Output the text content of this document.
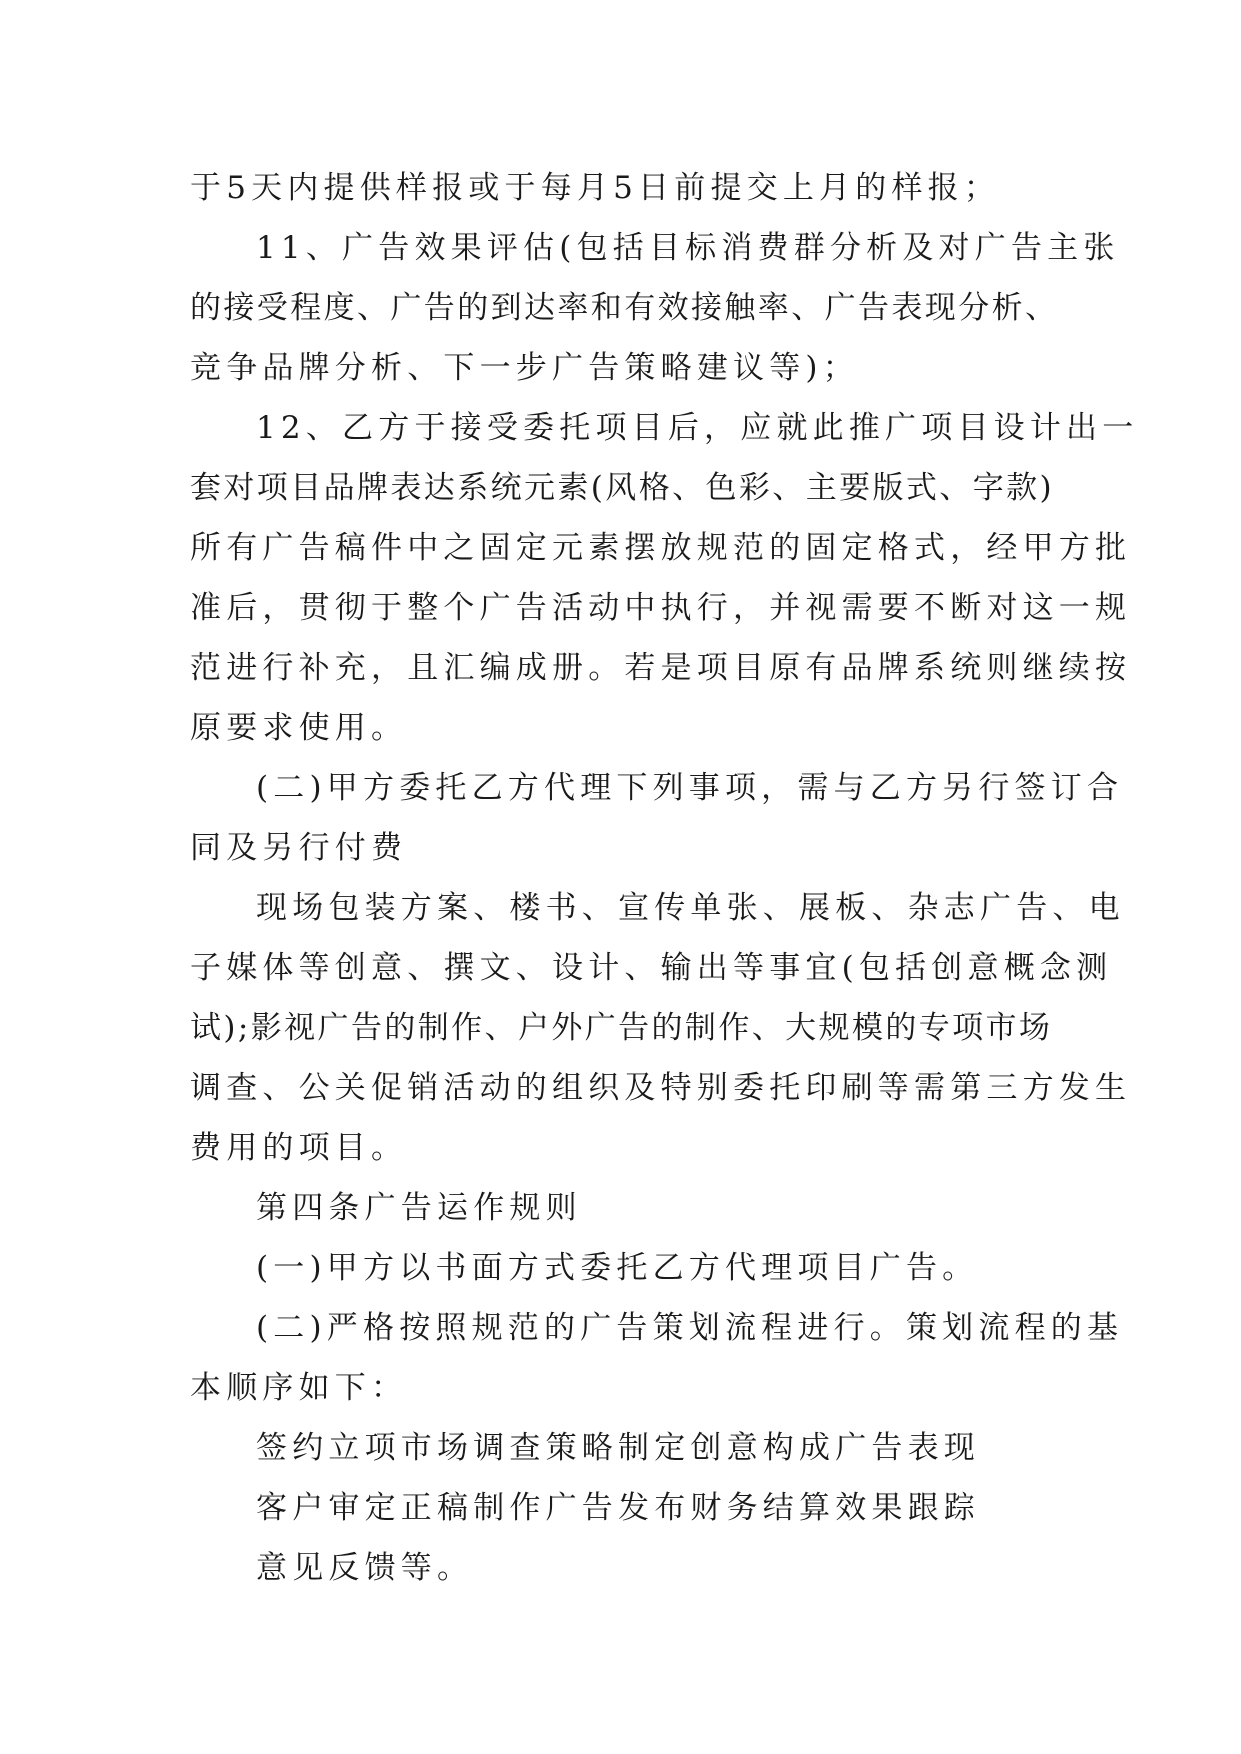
于5天内提供样报或于每月5日前提交上月的样报；
11、广告效果评估(包括目标消费群分析及对广告主张
的接受程度、广告的到达率和有效接触率、广告表现分析、
竞争品牌分析、下一步广告策略建议等)；
12、乙方于接受委托项目后，应就此推广项目设计出一
套对项目品牌表达系统元素(风格、色彩、主要版式、字款)
所有广告稿件中之固定元素摆放规范的固定格式，经甲方批
准后，贯彻于整个广告活动中执行，并视需要不断对这一规
范进行补充，且汇编成册。若是项目原有品牌系统则继续按
原要求使用。
(二)甲方委托乙方代理下列事项，需与乙方另行签订合
同及另行付费
现场包装方案、楼书、宣传单张、展板、杂志广告、电
子媒体等创意、撰文、设计、输出等事宜(包括创意概念测
试);影视广告的制作、户外广告的制作、大规模的专项市场
调查、公关促销活动的组织及特别委托印刷等需第三方发生
费用的项目。
第四条广告运作规则
(一)甲方以书面方式委托乙方代理项目广告。
(二)严格按照规范的广告策划流程进行。策划流程的基
本顺序如下：
签约立项市场调查策略制定创意构成广告表现
客户审定正稿制作广告发布财务结算效果跟踪
意见反馈等。
